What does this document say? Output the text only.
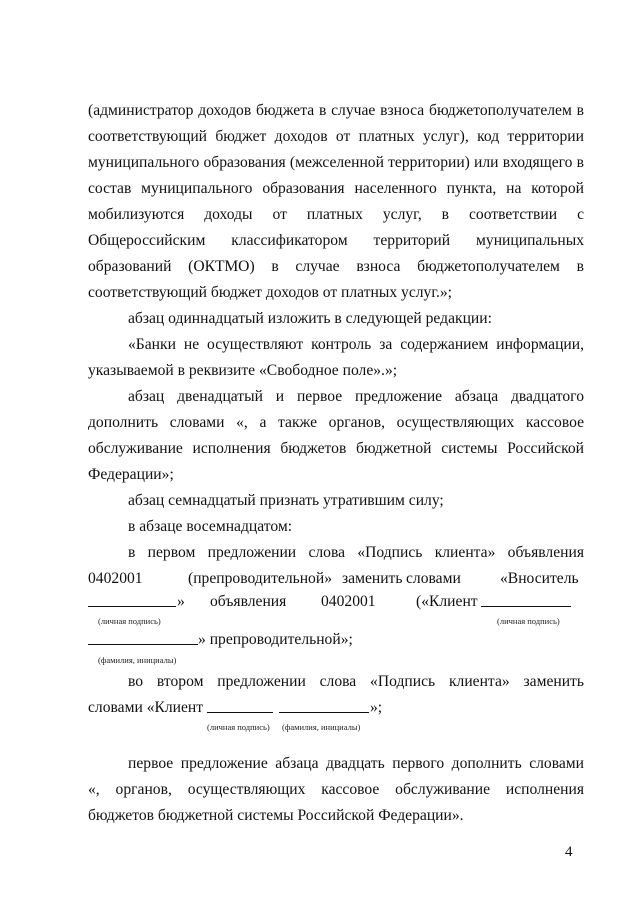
(администратор доходов бюджета в случае взноса бюджетополучателем в
соответствующий бюджет доходов от платных услуг), код территории
муниципального образования (межселенной территории) или входящего в
состав муниципального образования населенного пункта, на которой
мобилизуются доходы от платных услуг, в соответствии с
Общероссийским классификатором территорий муниципальных
образований (ОКТМО) в случае взноса бюджетополучателем в
соответствующий бюджет доходов от платных услуг.»;
абзац одиннадцатый изложить в следующей редакции:
«Банки не осуществляют контроль за содержанием информации,
указываемой в реквизите «Свободное поле».»;
абзац двенадцатый и первое предложение абзаца двадцатого
дополнить словами «, а также органов, осуществляющих кассовое
обслуживание исполнения бюджетов бюджетной системы Российской
Федерации»;
абзац семнадцатый признать утратившим силу;
в абзаце восемнадцатом:
в первом предложении слова «Подпись клиента» объявления
0402001	(препроводительной» заменить словами	«Вноситель
» объявления 0402001	(«Клиент
(личная подпись)	(личная подпись)
» препроводительной»;
(фамилия, инициалы)
во втором предложении слова «Подпись клиента» заменить
словами «Клиент	»;
(личная подпись) (фамилия, инициалы)
первое предложение абзаца двадцать первого дополнить словами
«, органов, осуществляющих кассовое обслуживание исполнения
бюджетов бюджетной системы Российской Федерации».
4
